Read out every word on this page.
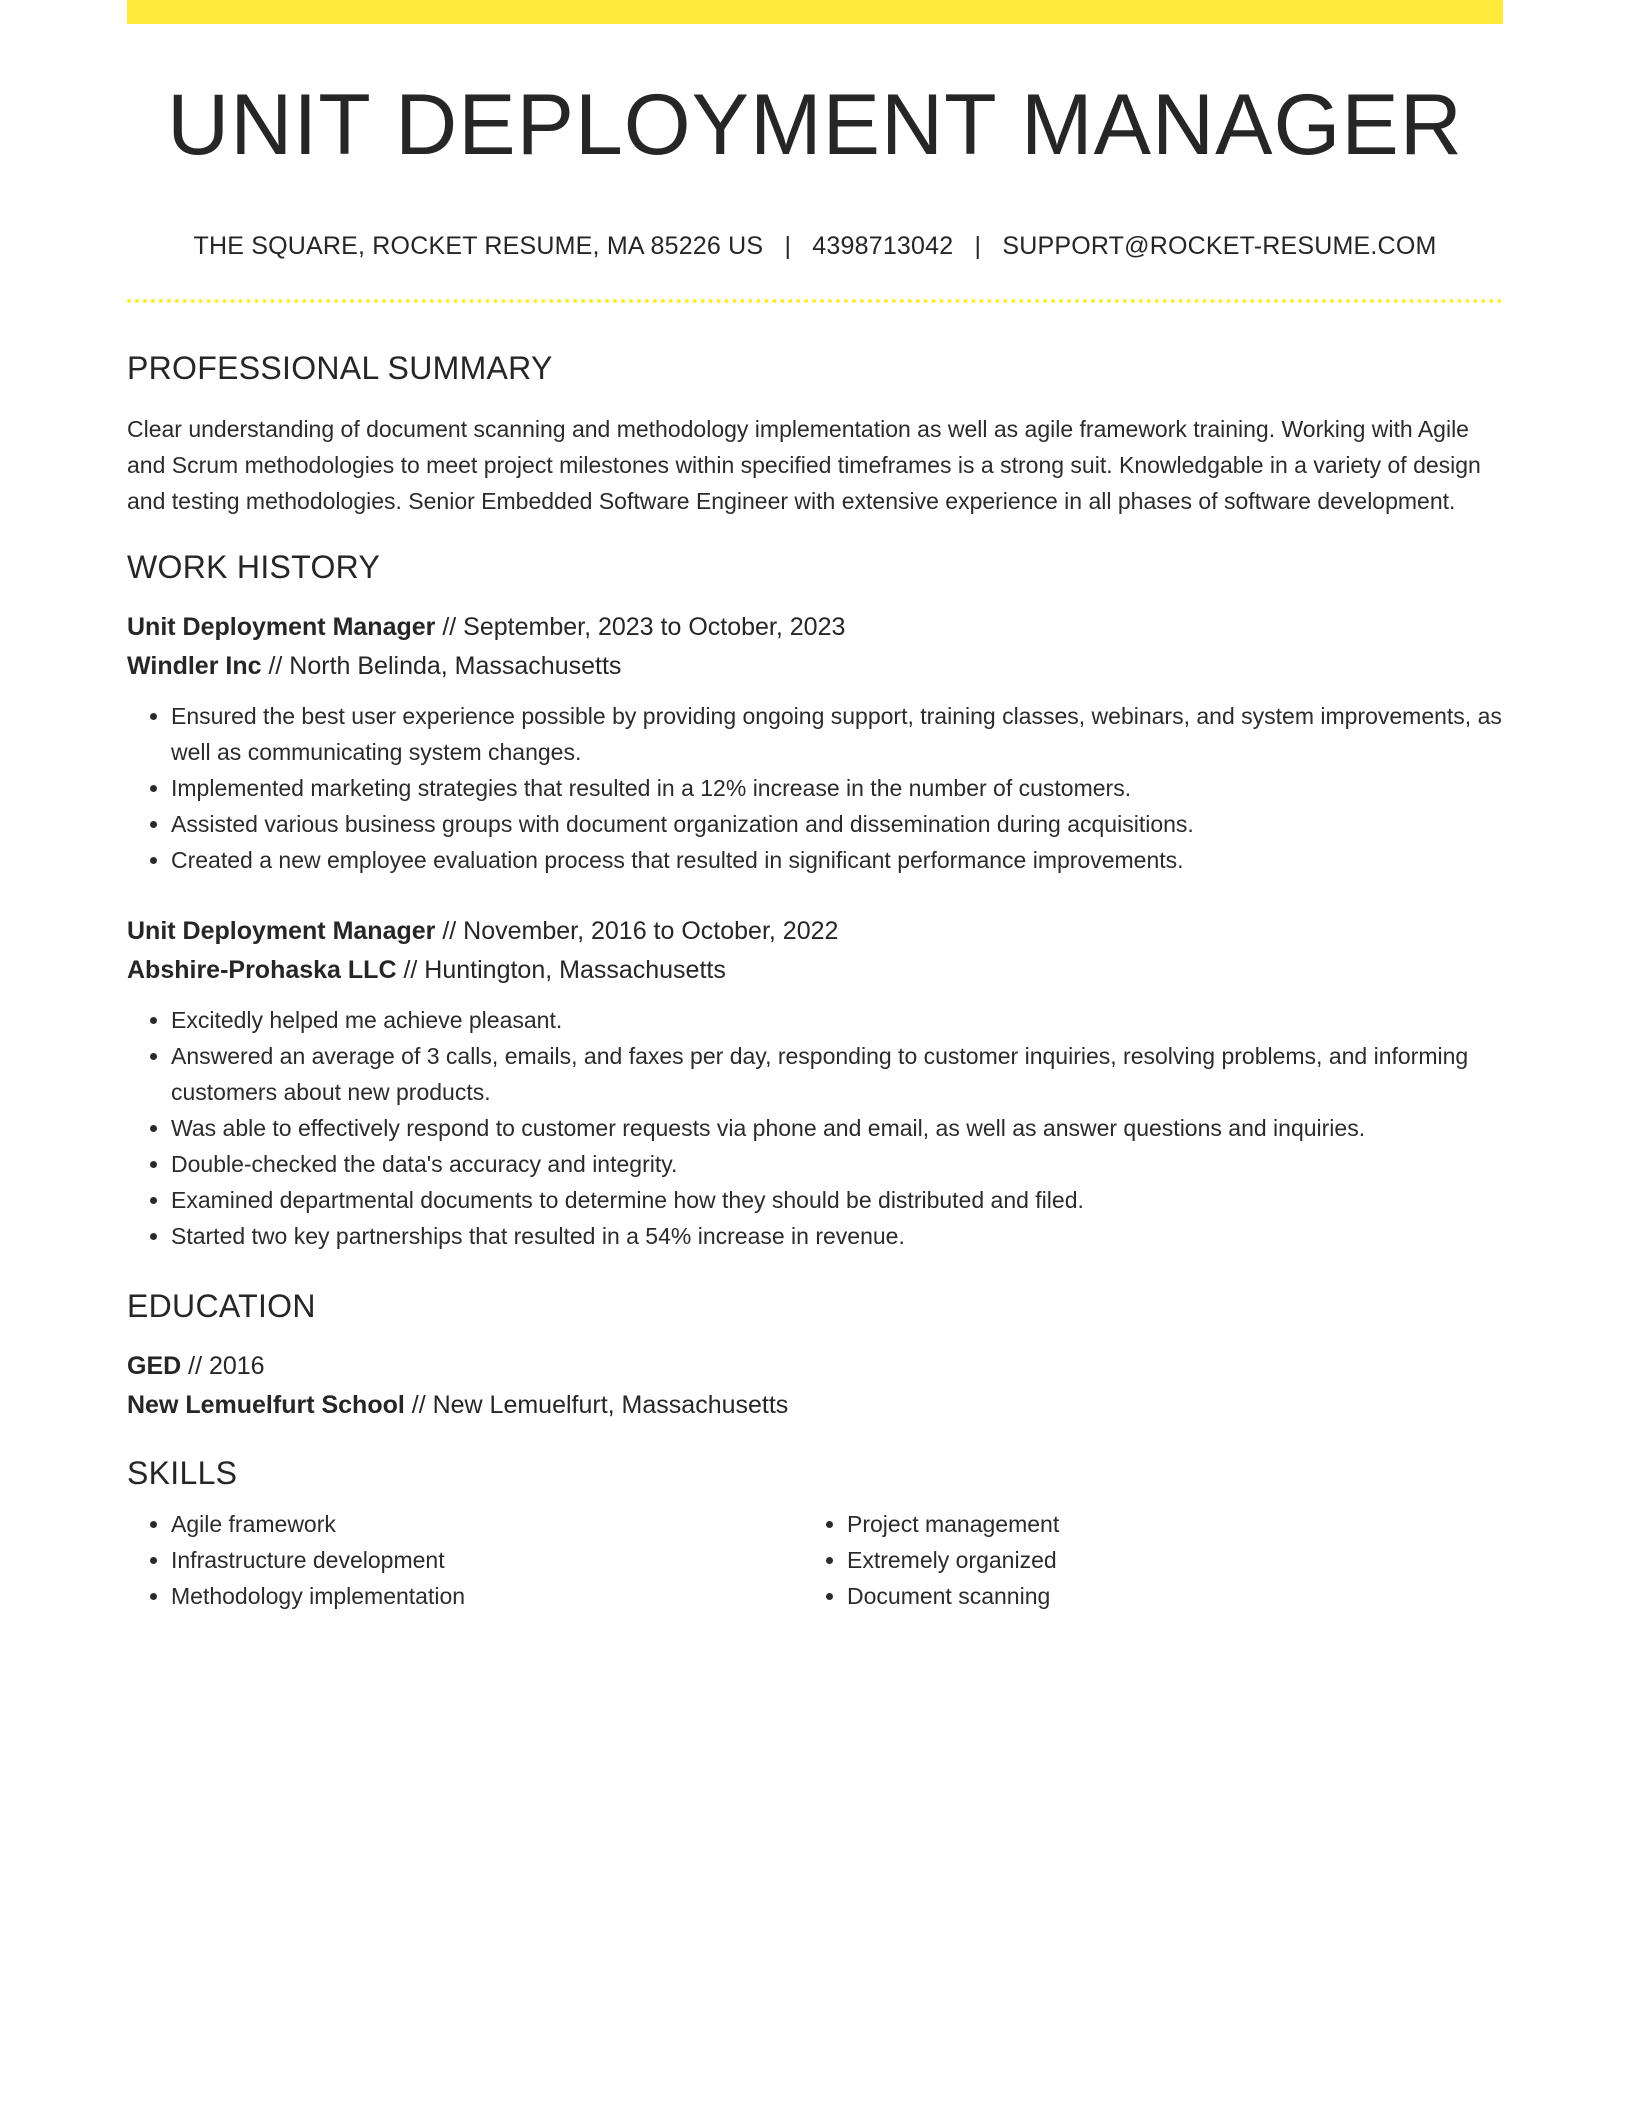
UNIT DEPLOYMENT MANAGER
THE SQUARE, ROCKET RESUME, MA 85226 US | 4398713042 | SUPPORT@ROCKET-RESUME.COM
PROFESSIONAL SUMMARY

Clear understanding of document scanning and methodology implementation as well as agile framework training. Working with Agile and Scrum methodologies to meet project milestones within specified timeframes is a strong suit. Knowledgable in a variety of design and testing methodologies. Senior Embedded Software Engineer with extensive experience in all phases of software development.

WORK HISTORY
Unit Deployment Manager // September, 2023 to October, 2023
Windler Inc // North Belinda, Massachusetts
• Ensured the best user experience possible by providing ongoing support, training classes, webinars, and system improvements, as well as communicating system changes.
• Implemented marketing strategies that resulted in a 12% increase in the number of customers.
• Assisted various business groups with document organization and dissemination during acquisitions.
• Created a new employee evaluation process that resulted in significant performance improvements.
Unit Deployment Manager // November, 2016 to October, 2022
Abshire-Prohaska LLC // Huntington, Massachusetts
• Excitedly helped me achieve pleasant.
• Answered an average of 3 calls, emails, and faxes per day, responding to customer inquiries, resolving problems, and informing customers about new products.
• Was able to effectively respond to customer requests via phone and email, as well as answer questions and inquiries.
• Double-checked the data's accuracy and integrity.
• Examined departmental documents to determine how they should be distributed and filed.
• Started two key partnerships that resulted in a 54% increase in revenue.
EDUCATION
GED // 2016
New Lemuelfurt School // New Lemuelfurt, Massachusetts
SKILLS
• Agile framework
• Infrastructure development
• Methodology implementation
• Project management
• Extremely organized
• Document scanning
